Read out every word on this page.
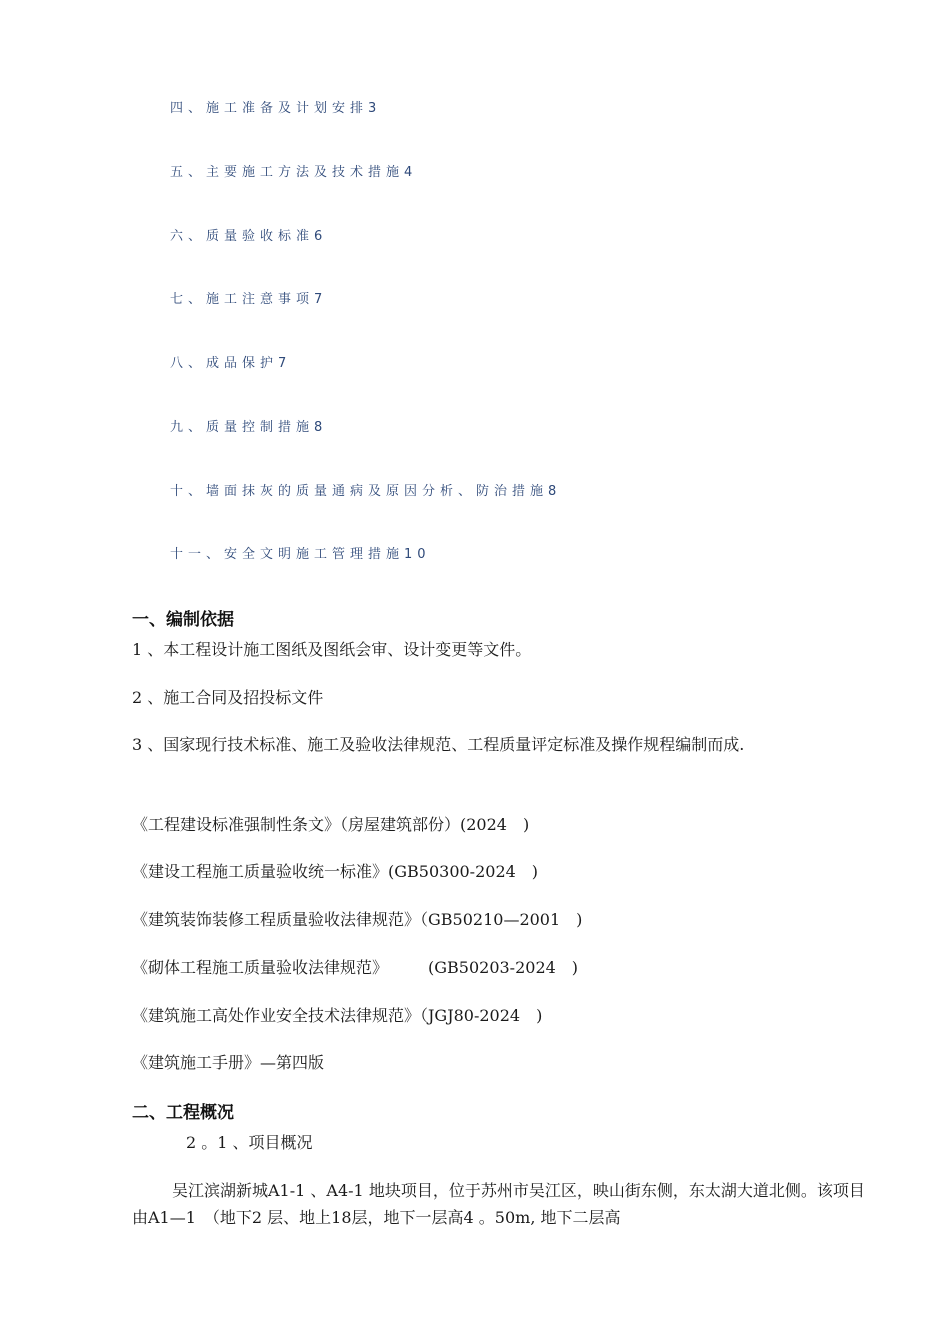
四、施工准备及计划安排3
五、主要施工方法及技术措施4
六、质量验收标准6
七、施工注意事项7
八、成品保护7
九、质量控制措施8
十、墙面抹灰的质量通病及原因分析、防治措施8
十一、安全文明施工管理措施10
一、编制依据
1 、本工程设计施工图纸及图纸会审、设计变更等文件。
2 、施工合同及招投标文件
3 、国家现行技术标准、施工及验收法律规范、工程质量评定标准及操作规程编制而成.
《工程建设标准强制性条文》（房屋建筑部份）(2024　)
《建设工程施工质量验收统一标准》(GB50300-2024　)
《建筑装饰装修工程质量验收法律规范》（GB50210—2001　)
《砌体工程施工质量验收法律规范》　　　(GB50203-2024　)
《建筑施工高处作业安全技术法律规范》（JGJ80-2024　)
《建筑施工手册》—第四版
二、工程概况
2 。1 、项目概况
吴江滨湖新城A1-1 、A4-1 地块项目，位于苏州市吴江区，映山街东侧，东太湖大道北侧。该项目由A1—1　（地下2 层、地上18层，地下一层高4 。50m, 地下二层高
